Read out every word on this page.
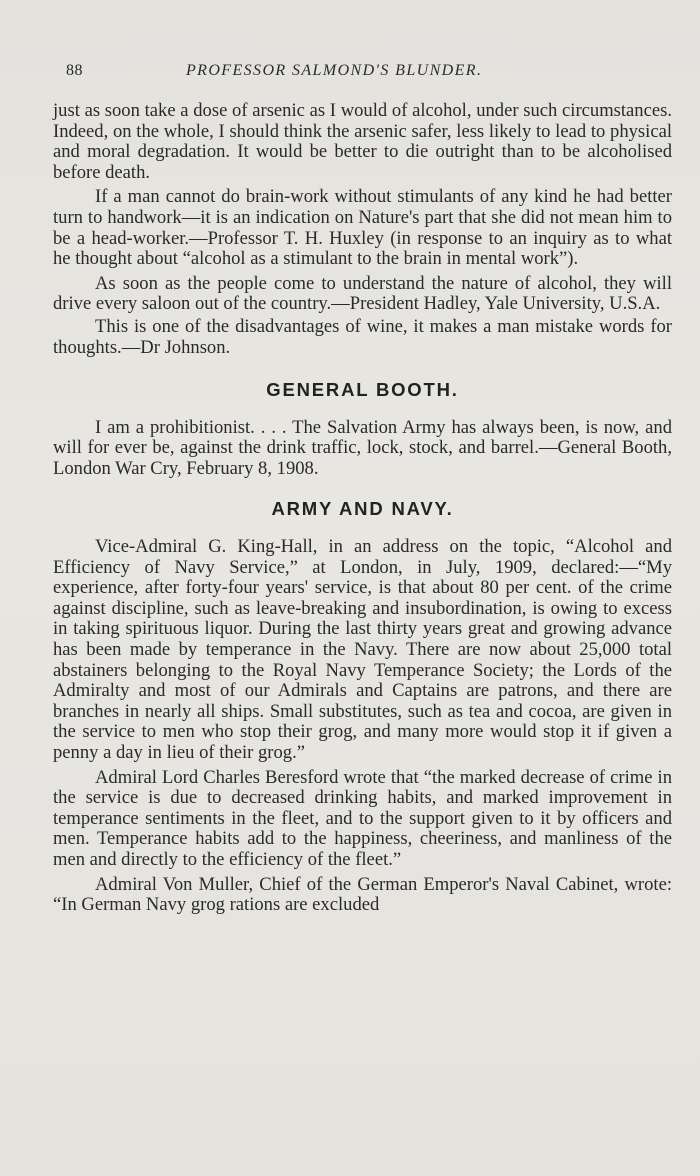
88	PROFESSOR SALMOND'S BLUNDER.

just as soon take a dose of arsenic as I would of alcohol, under such circumstances. Indeed, on the whole, I should think the arsenic safer, less likely to lead to physical and moral degradation. It would be better to die outright than to be alcoholised before death.

If a man cannot do brain-work without stimulants of any kind he had better turn to handwork—it is an indication on Nature's part that she did not mean him to be a head-worker.—Professor T. H. Huxley (in response to an inquiry as to what he thought about “alcohol as a stimulant to the brain in mental work”).

As soon as the people come to understand the nature of alcohol, they will drive every saloon out of the country.—President Hadley, Yale University, U.S.A.

This is one of the disadvantages of wine, it makes a man mistake words for thoughts.—Dr Johnson.

GENERAL BOOTH.

I am a prohibitionist. . . . The Salvation Army has always been, is now, and will for ever be, against the drink traffic, lock, stock, and barrel.—General Booth, London War Cry, February 8, 1908.

ARMY AND NAVY.

Vice-Admiral G. King-Hall, in an address on the topic, “Alcohol and Efficiency of Navy Service,” at London, in July, 1909, declared:—“My experience, after forty-four years' service, is that about 80 per cent. of the crime against discipline, such as leave-breaking and insubordination, is owing to excess in taking spirituous liquor. During the last thirty years great and growing advance has been made by temperance in the Navy. There are now about 25,000 total abstainers belonging to the Royal Navy Temperance Society; the Lords of the Admiralty and most of our Admirals and Captains are patrons, and there are branches in nearly all ships. Small substitutes, such as tea and cocoa, are given in the service to men who stop their grog, and many more would stop it if given a penny a day in lieu of their grog.”

Admiral Lord Charles Beresford wrote that “the marked decrease of crime in the service is due to decreased drinking habits, and marked improvement in temperance sentiments in the fleet, and to the support given to it by officers and men. Temperance habits add to the happiness, cheeriness, and manliness of the men and directly to the efficiency of the fleet.”

Admiral Von Muller, Chief of the German Emperor's Naval Cabinet, wrote: “In German Navy grog rations are excluded
